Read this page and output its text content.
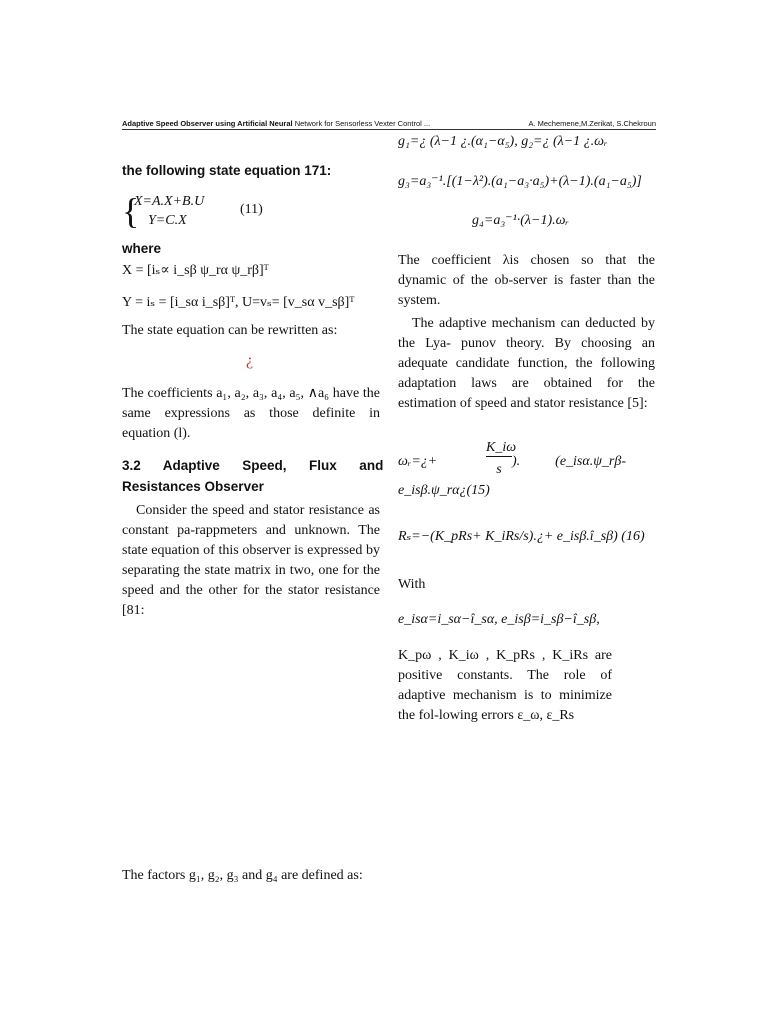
Adaptive Speed Observer using Artificial Neural Network for Sensorless Vexter Control ...	A. Mechemene,M.Zerikat, S.Chekroun
the following state equation 171:
{
X=A.X+B.U
Y=C.X
(11)
where
X = [iₛ∝ i_sβ ψ_rα ψ_rβ]ᵀ
Y = iₛ = [i_sα i_sβ]ᵀ, U=vₛ= [v_sα v_sβ]ᵀ
The state equation can be rewritten as:
¿
The coefficients a₁, a₂, a₃, a₄, a₅, ∧a₆ have the same expressions as those definite in equation (l).
3.2      Adaptive      Speed,      Flux      and
Resistances Observer
Consider the speed and stator resistance as constant pa-rappmeters and unknown. The state equation of this observer is expressed by separating the state matrix in two, one for the speed and the other for the stator resistance [81:
The factors g₁, g₂, g₃ and g₄ are defined as:
g₁=¿ (λ−1 ¿.(α₁−α₅), g₂=¿ (λ−1 ¿.ωᵣ
g₃=a₃⁻¹.[(1−λ²).(a₁−a₃·a₅)+(λ−1).(a₁−a₅)]
g₄=a₃⁻¹·(λ−1).ωᵣ
The coefficient λis chosen so that the dynamic of the ob-server is faster than the system.
The adaptive mechanism can deducted by the Lya- punov theory. By choosing an adequate candidate function, the following adaptation laws are obtained for the estimation of speed and stator resistance [5]:
ωᵣ=¿+
K_iω
s
).          (e_isα.ψ_rβ-
e_isβ.ψ_rα¿(15)
Rₛ=−(K_pRs+ K_iRs/s).¿+ e_isβ.î_sβ) (16)
With
e_isα=i_sα−î_sα, e_isβ=i_sβ−î_sβ,
K_pω , K_iω , K_pRs , K_iRs are positive constants. The role of adaptive mechanism is to minimize the fol-lowing errors ε_ω, ε_Rs
